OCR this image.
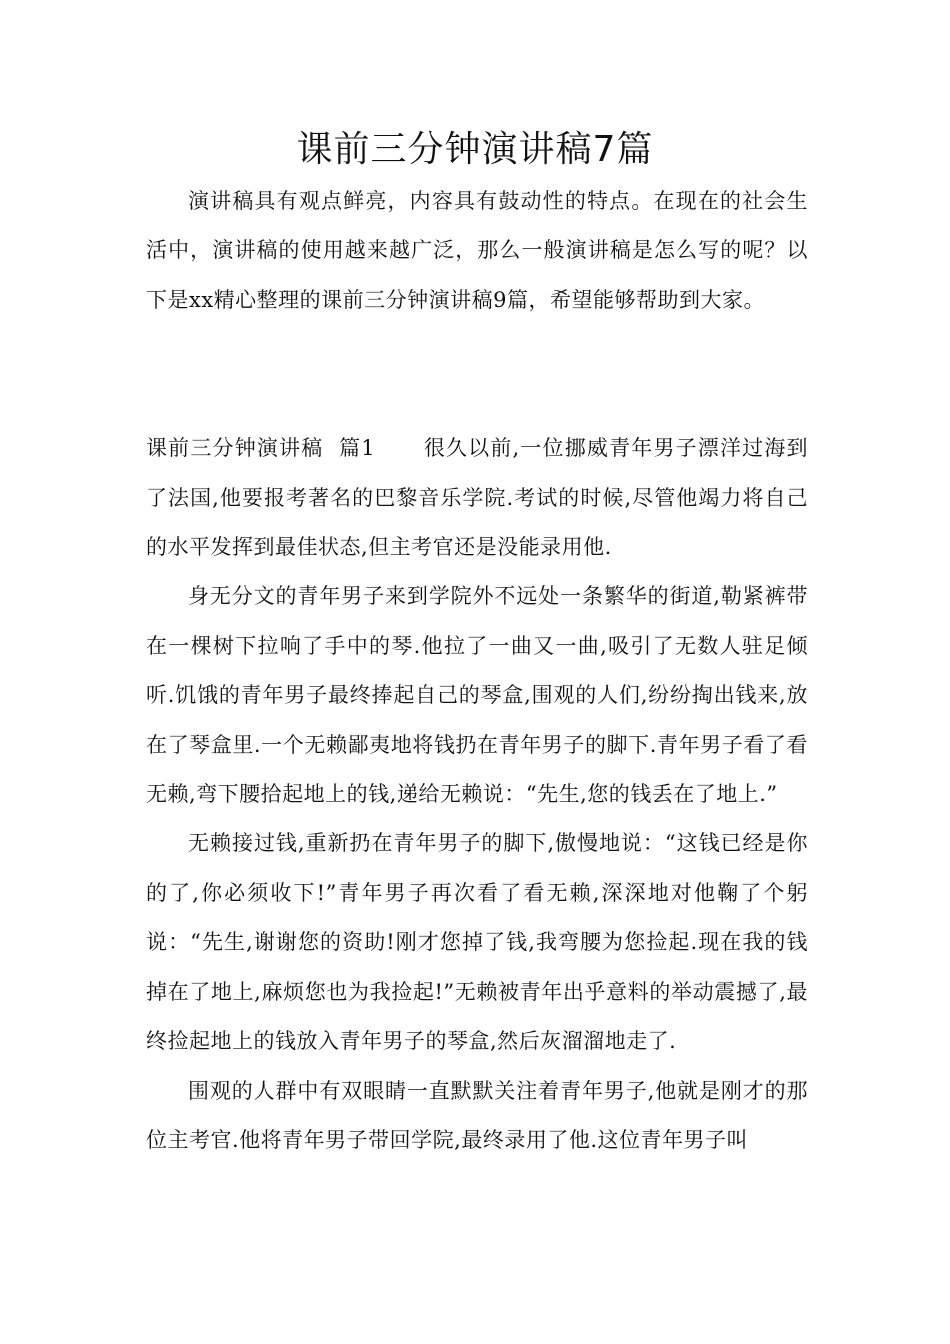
课前三分钟演讲稿7篇

演讲稿具有观点鲜亮，内容具有鼓动性的特点。在现在的社会生活中，演讲稿的使用越来越广泛，那么一般演讲稿是怎么写的呢？以下是xx精心整理的课前三分钟演讲稿9篇，希望能够帮助到大家。

课前三分钟演讲稿  篇1 很久以前,一位挪威青年男子漂洋过海到了法国,他要报考著名的巴黎音乐学院.考试的时候,尽管他竭力将自己的水平发挥到最佳状态,但主考官还是没能录用他.

身无分文的青年男子来到学院外不远处一条繁华的街道,勒紧裤带在一棵树下拉响了手中的琴.他拉了一曲又一曲,吸引了无数人驻足倾听.饥饿的青年男子最终捧起自己的琴盒,围观的人们,纷纷掏出钱来,放在了琴盒里.一个无赖鄙夷地将钱扔在青年男子的脚下.青年男子看了看无赖,弯下腰拾起地上的钱,递给无赖说：“先生,您的钱丢在了地上.”

无赖接过钱,重新扔在青年男子的脚下,傲慢地说：“这钱已经是你的了,你必须收下!”青年男子再次看了看无赖,深深地对他鞠了个躬说：“先生,谢谢您的资助!刚才您掉了钱,我弯腰为您捡起.现在我的钱掉在了地上,麻烦您也为我捡起!”无赖被青年出乎意料的举动震撼了,最终捡起地上的钱放入青年男子的琴盒,然后灰溜溜地走了.

围观的人群中有双眼睛一直默默关注着青年男子,他就是刚才的那位主考官.他将青年男子带回学院,最终录用了他.这位青年男子叫
